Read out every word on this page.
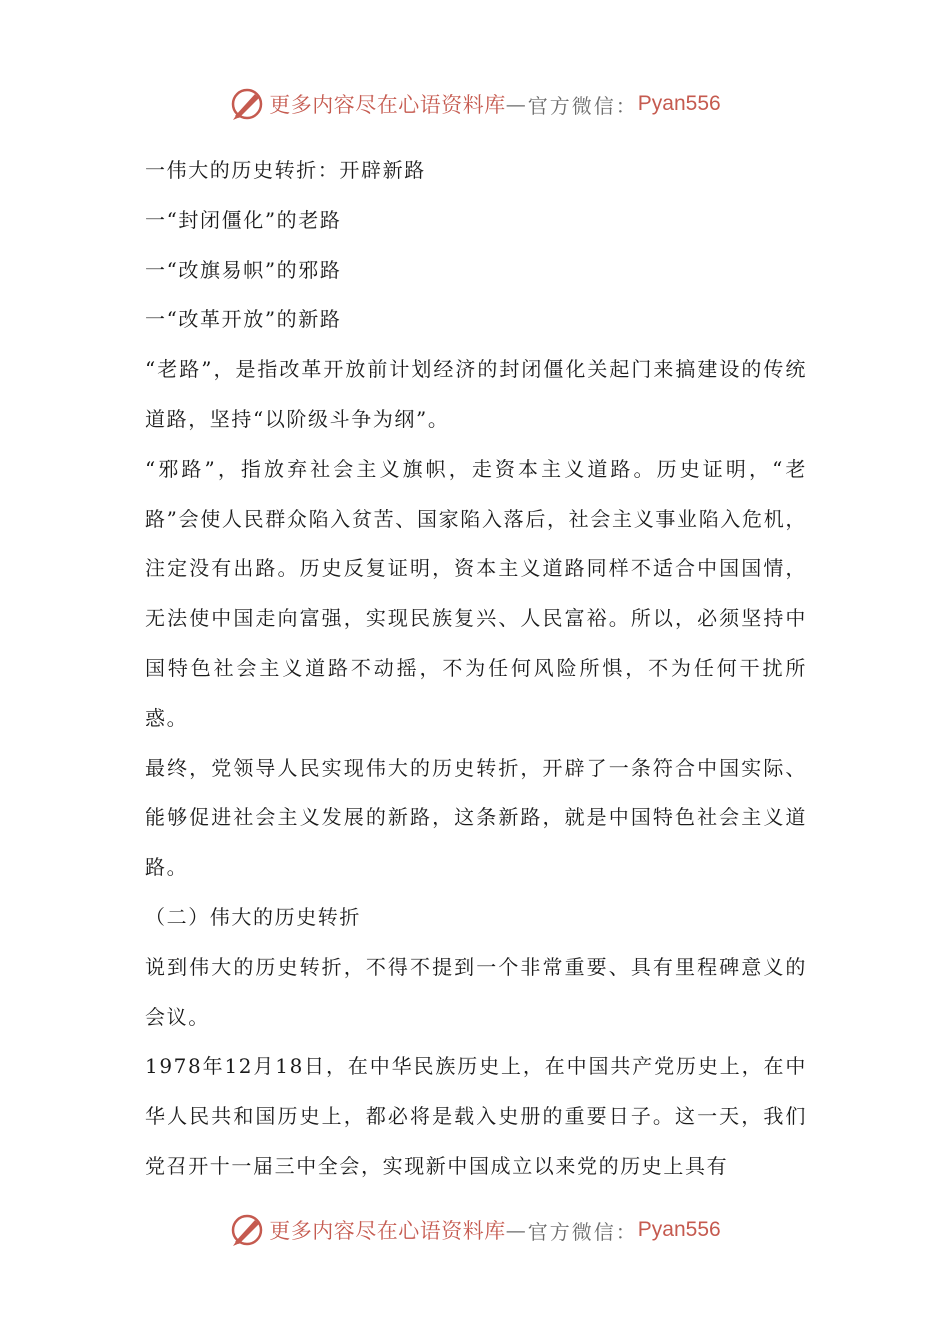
更多内容尽在心语资料库 — 官方微信： Pyan556

一伟大的历史转折：开辟新路

一“封闭僵化”的老路

一“改旗易帜”的邪路

一“改革开放”的新路

“老路”，是指改革开放前计划经济的封闭僵化关起门来搞建设的传统道路，坚持“以阶级斗争为纲”。

“邪路”，指放弃社会主义旗帜，走资本主义道路。历史证明，“老路”会使人民群众陷入贫苦、国家陷入落后，社会主义事业陷入危机，注定没有出路。历史反复证明，资本主义道路同样不适合中国国情，无法使中国走向富强，实现民族复兴、人民富裕。所以，必须坚持中国特色社会主义道路不动摇，不为任何风险所惧，不为任何干扰所惑。

最终，党领导人民实现伟大的历史转折，开辟了一条符合中国实际、能够促进社会主义发展的新路，这条新路，就是中国特色社会主义道路。

（二）伟大的历史转折

说到伟大的历史转折，不得不提到一个非常重要、具有里程碑意义的会议。

1978年12月18日，在中华民族历史上，在中国共产党历史上，在中华人民共和国历史上，都必将是载入史册的重要日子。这一天，我们党召开十一届三中全会，实现新中国成立以来党的历史上具有

更多内容尽在心语资料库 — 官方微信： Pyan556
